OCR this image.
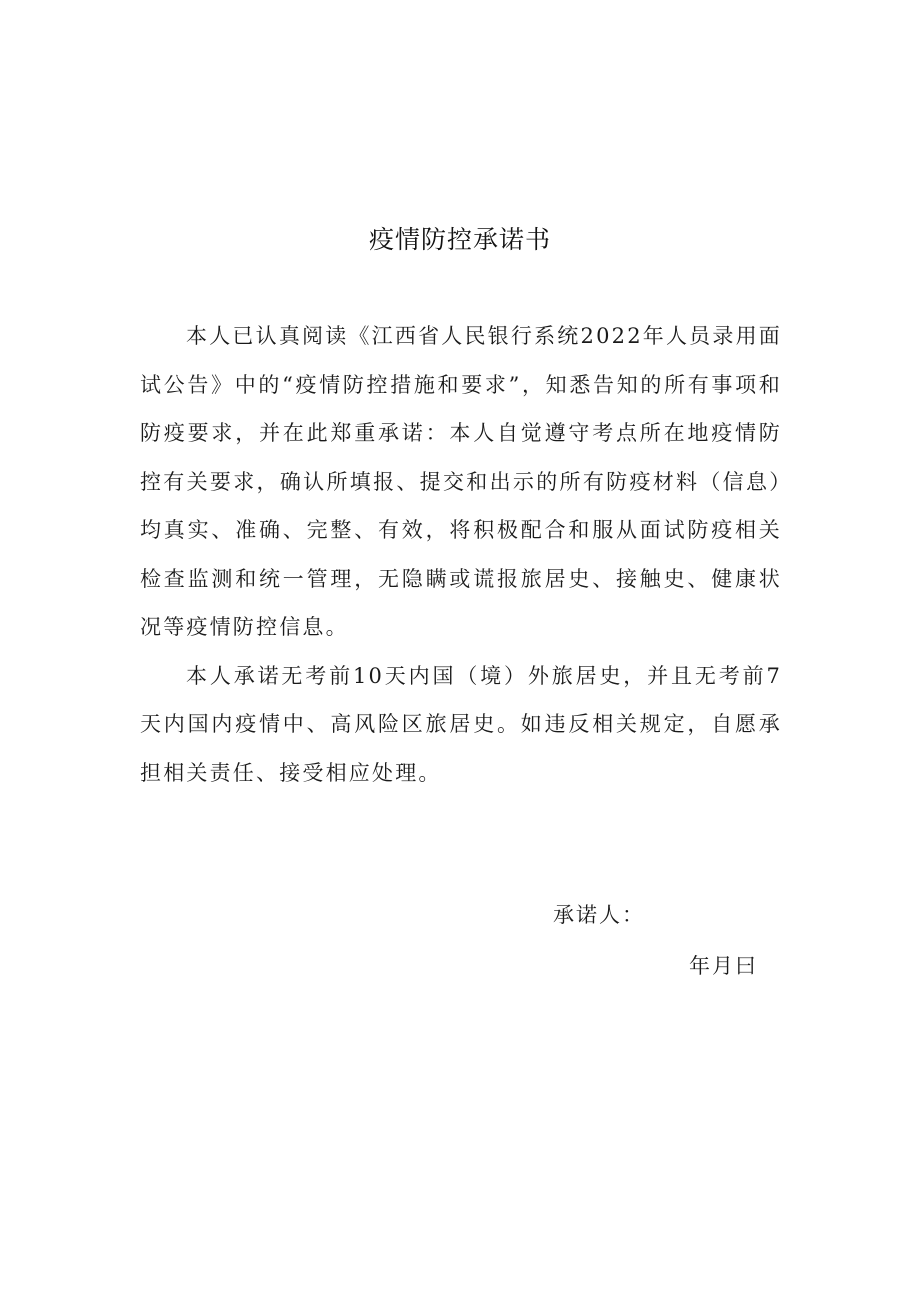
疫情防控承诺书

本人已认真阅读《江西省人民银行系统2022年人员录用面试公告》中的“疫情防控措施和要求”，知悉告知的所有事项和防疫要求，并在此郑重承诺：本人自觉遵守考点所在地疫情防控有关要求，确认所填报、提交和出示的所有防疫材料（信息）均真实、准确、完整、有效，将积极配合和服从面试防疫相关检查监测和统一管理，无隐瞒或谎报旅居史、接触史、健康状况等疫情防控信息。

本人承诺无考前10天内国（境）外旅居史，并且无考前7天内国内疫情中、高风险区旅居史。如违反相关规定，自愿承担相关责任、接受相应处理。

承诺人：
年月曰
